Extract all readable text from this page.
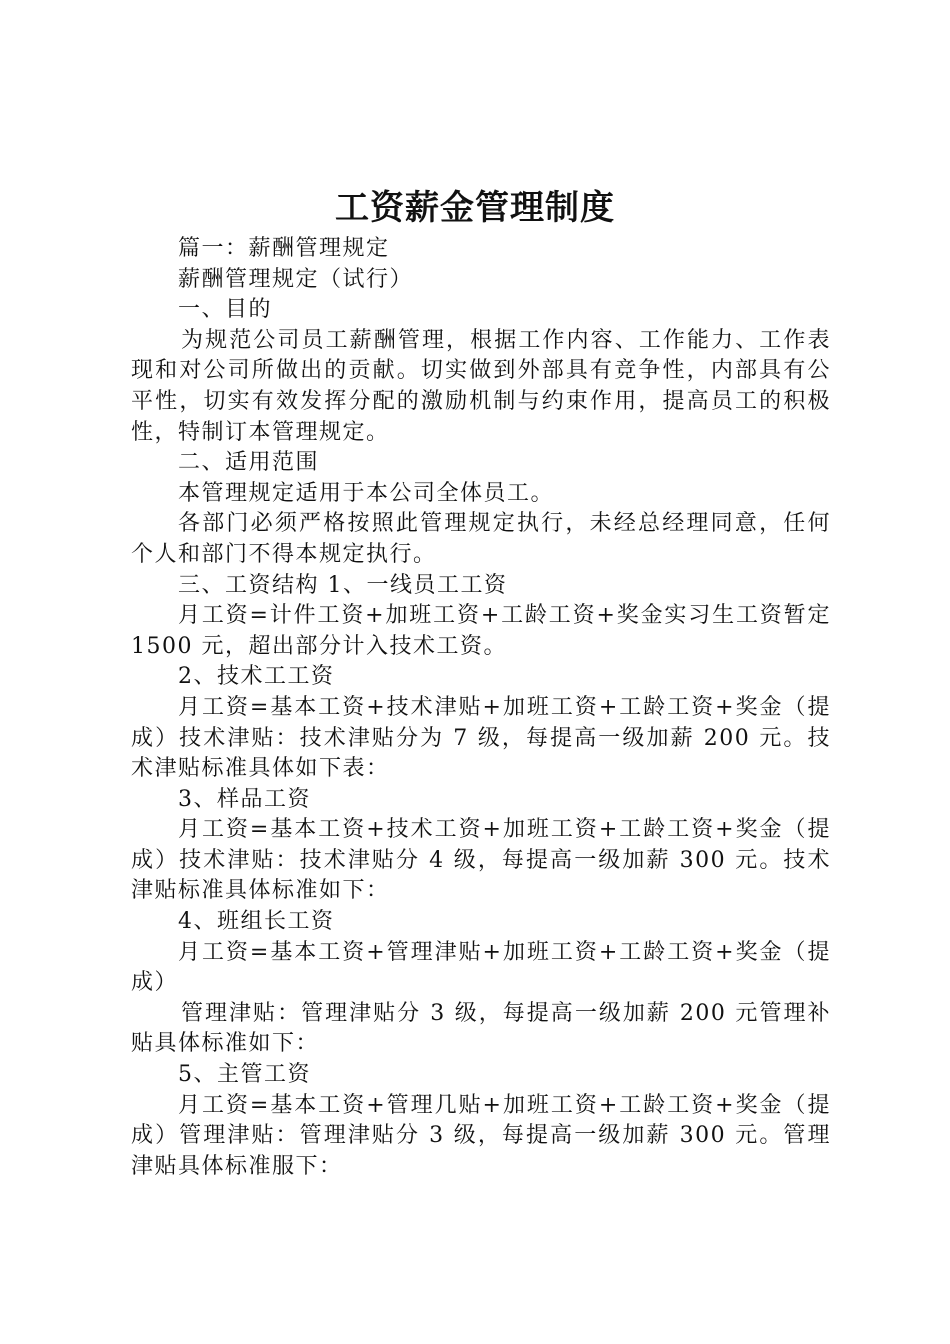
工资薪金管理制度

篇一：薪酬管理规定

薪酬管理规定（试行）

一、目的

为规范公司员工薪酬管理，根据工作内容、工作能力、工作表现和对公司所做出的贡献。切实做到外部具有竞争性，内部具有公平性，切实有效发挥分配的激励机制与约束作用，提高员工的积极性，特制订本管理规定。

二、适用范围

本管理规定适用于本公司全体员工。

各部门必须严格按照此管理规定执行，未经总经理同意，任何个人和部门不得本规定执行。

三、工资结构 1、一线员工工资

月工资=计件工资+加班工资+工龄工资+奖金实习生工资暂定 1500 元，超出部分计入技术工资。

2、技术工工资

月工资=基本工资+技术津贴+加班工资+工龄工资+奖金（提成）技术津贴：技术津贴分为 7 级，每提高一级加薪 200 元。技术津贴标准具体如下表：

3、样品工资

月工资=基本工资+技术工资+加班工资+工龄工资+奖金（提成）技术津贴：技术津贴分 4 级，每提高一级加薪 300 元。技术津贴标准具体标准如下：

4、班组长工资

月工资=基本工资+管理津贴+加班工资+工龄工资+奖金（提成）

管理津贴：管理津贴分 3 级，每提高一级加薪 200 元管理补贴具体标准如下：

5、主管工资

月工资=基本工资+管理几贴+加班工资+工龄工资+奖金（提成）管理津贴：管理津贴分 3 级，每提高一级加薪 300 元。管理津贴具体标准服下：
